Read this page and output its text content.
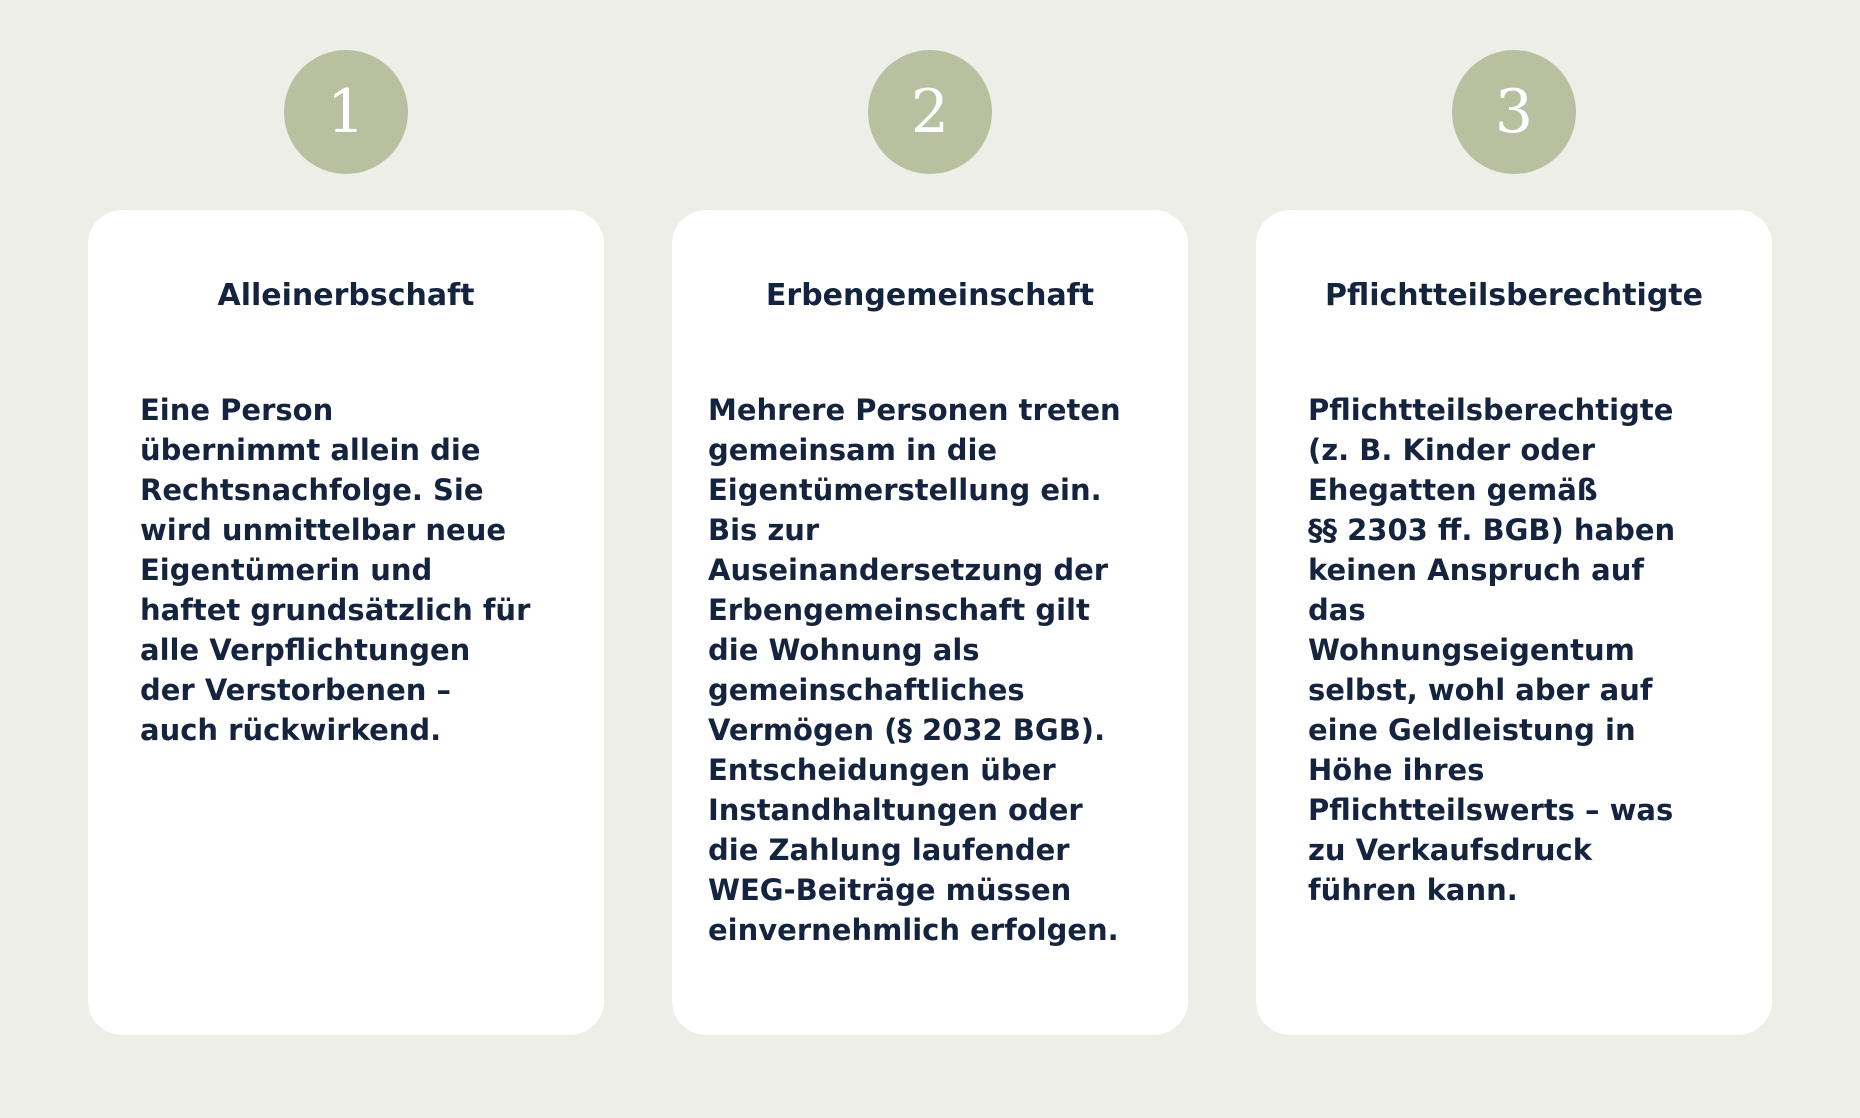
1
Alleinerbschaft

Eine Person
übernimmt allein die
Rechtsnachfolge. Sie
wird unmittelbar neue
Eigentümerin und
haftet grundsätzlich für
alle Verpflichtungen
der Verstorbenen –
auch rückwirkend.

2
Erbengemeinschaft

Mehrere Personen treten
gemeinsam in die
Eigentümerstellung ein.
Bis zur
Auseinandersetzung der
Erbengemeinschaft gilt
die Wohnung als
gemeinschaftliches
Vermögen (§ 2032 BGB).
Entscheidungen über
Instandhaltungen oder
die Zahlung laufender
WEG-Beiträge müssen
einvernehmlich erfolgen.

3
Pflichtteilsberechtigte

Pflichtteilsberechtigte
(z. B. Kinder oder
Ehegatten gemäß
§§ 2303 ff. BGB) haben
keinen Anspruch auf
das
Wohnungseigentum
selbst, wohl aber auf
eine Geldleistung in
Höhe ihres
Pflichtteilswerts – was
zu Verkaufsdruck
führen kann.
